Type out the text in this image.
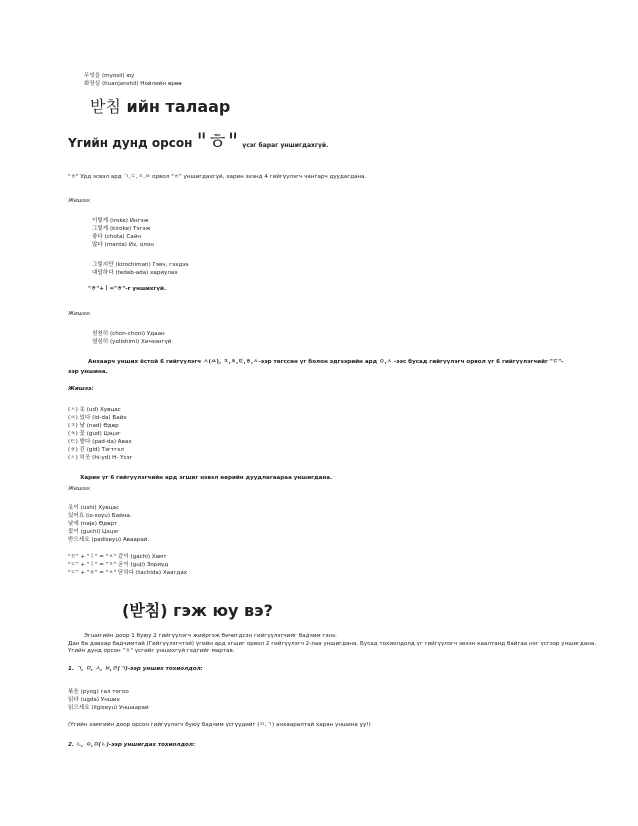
무엇을 (myosil) юу
화장실 (huanjanshil) Нойлийн өрөө
받침 ийн талаар
Үгийн дунд орсон "ㅎ" үсэг бараг уншигдахгүй.
"ㅎ" Урд эсвэл ард ㄱ,ㄷ,ㅈ,ㅂ орвол "ㅎ" уншигдахгүй, харин эхэнд 4 гийгүүлэгч чангарч дуудагдана.
Жишээ:
이렇게 (iroke) Ингэж
그렇게 (kiroke) Тэгэж
좋다 (chota) Сайн
많다 (manta) Их, олон
그렇지만 (kirochiman) Гэвч, гэхдээ
대답하다 (tedab-ada) хариулах
"ㅎ"+ㅣ="ㅎ"-г уншихгүй.
Жишээ:
천천히 (chon-choni) Удаан
열심히 (yolishimi) Хичээнгүй
Анхаарч унших ёстой 6 гийгүүлэгч ㅅ(ㅆ), ㅈ,ㅊ,ㅌ,ㅎ,ㅅ-ээр төгссөн үг болон эдгээрийн ард ㅇ,ㅅ -ээс бусад гийгүүлэгч орвол үг 6 гийгүүлэгчийг "ㄷ"-ээр уншина.
Жишээ:
(ㅅ) 옷 (ud) Хувцас
(ㅆ) 있다 (id-da) Байх
(ㅈ) 낮 (nad) Өдөр
(ㅊ) 꽃 (gud) Цэцэг
(ㅌ) 밭다 (pad-da) Авах
(ㅎ) 긷 (gid) Тэгтгэл
(ㅅ) 히읏 (hi-yd) Н- Үсэг
Харин үг 6 гийгүүлэгчийн ард эгшиг нэвэл өөрийн дуудлагаараа уншигдана.
Жишээ:
옷이 (ushi) Хувцас
있어요 (is-soyu) Байна.
낮에 (naje) Өдөрт
꽃이 (guchi) Цэцэг
받으세요 (padiseyu) Аваарай.
"ㅌ" + "ㅣ" = "ㅊ" 같이 (gachi) Хамт
"ㄷ" + "ㅣ" = "ㅈ" 굳이 (guji) Зориуд
"ㄷ" + "ㅎ" = "ㅊ" 닫히다 (tachida) Хаагдах
(받침) гэж юу вэ?
Эгшигийн доор 1 буюу 2 гийгүүлэгч жийргэж бичигдсэн гийгүүлэгчийг бадчим гэнэ.
Дан ба давхар бадчимтай (Гийгүүлэгчтэй) үгийн ард эгшиг орвол 2 гийгүүлэгч 2-лаа уншигдана. Бусад тохиолдолд үг гийгүүлэгч эвхэн каалтанд байгаа нэг үсгээр уншигдана.
Үгийн дунд орсон "ㅎ" үсгийг уншихгүй гэдгийг мартав.
1. ㄱ, ㅁ, ㅅ, ㅂ,ㄹ(ㄱ)-ээр унших тохиолдол:
볶음 (pyog) гал тогоо
읽다 (ugda) Унших
읽으세요 (ilgiseyu) Уншаарай
(Үгийн хамгийн доор орсон гийгүүлэгч буюу бадчим үсгүүдийг (ㅁ,ㄱ) анхааралтай харан уншина уу!)
2. ㄴ, ㅇ,ㅁ(ㄴ)-ээр уншигдах тохиолдол:
